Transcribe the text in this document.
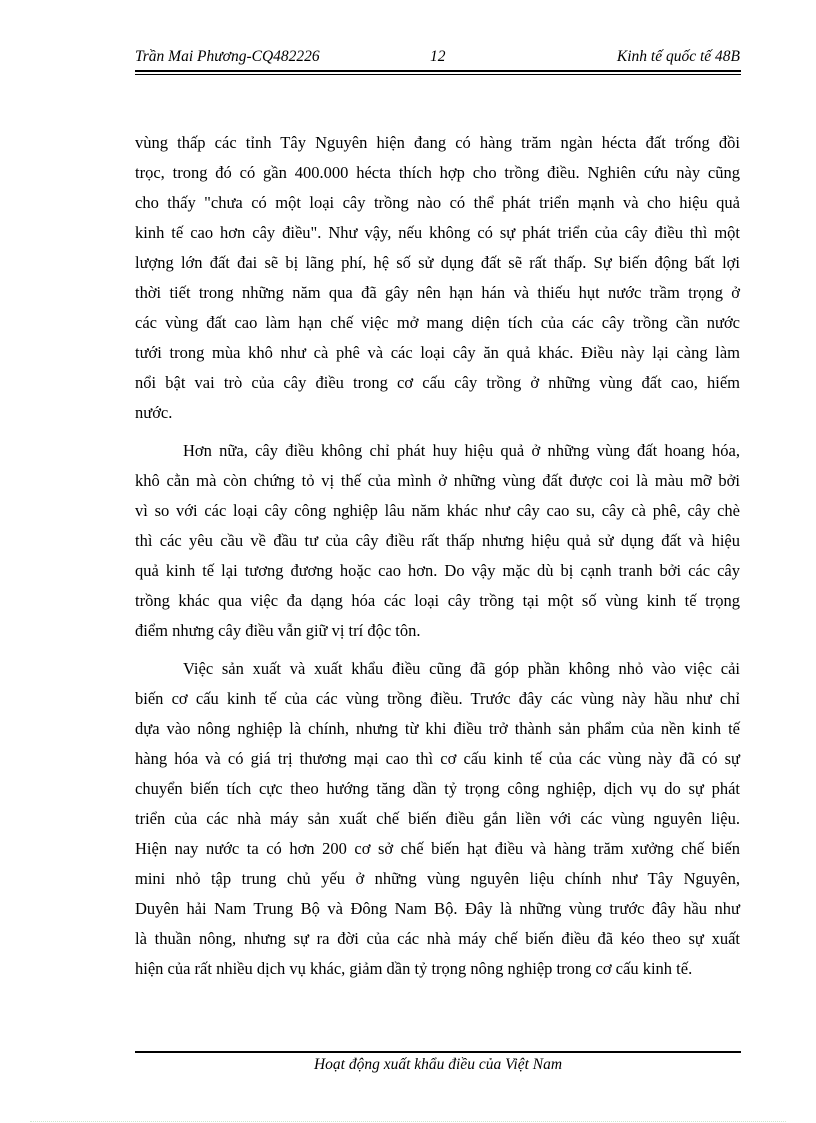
Trần Mai Phương-CQ482226	12	Kinh tế quốc tế 48B
vùng thấp các tỉnh Tây Nguyên hiện đang có hàng trăm ngàn hécta đất trống đồi
trọc, trong đó có gần 400.000 hécta thích hợp cho trồng điều. Nghiên cứu này cũng
cho thấy "chưa có một loại cây trồng nào có thể phát triển mạnh và cho hiệu quả
kinh tế cao hơn cây điều". Như vậy, nếu không có sự phát triển của cây điều thì một
lượng lớn đất đai sẽ bị lãng phí, hệ số sử dụng đất sẽ rất thấp. Sự biến động bất lợi
thời tiết trong những năm qua đã gây nên hạn hán và thiếu hụt nước trầm trọng ở
các vùng đất cao làm hạn chế việc mở mang diện tích của các cây trồng cần nước
tưới trong mùa khô như cà phê và các loại cây ăn quả khác. Điều này lại càng làm
nổi bật vai trò của cây điều trong cơ cấu cây trồng ở những vùng đất cao, hiếm
nước.
Hơn nữa, cây điều không chỉ phát huy hiệu quả ở những vùng đất hoang hóa,
khô cằn mà còn chứng tỏ vị thế của mình ở những vùng đất được coi là màu mỡ bởi
vì so với các loại cây công nghiệp lâu năm khác như cây cao su, cây cà phê, cây chè
thì các yêu cầu về đầu tư của cây điều rất thấp nhưng hiệu quả sử dụng đất và hiệu
quả kinh tế lại tương đương hoặc cao hơn. Do vậy mặc dù bị cạnh tranh bởi các cây
trồng khác qua việc đa dạng hóa các loại cây trồng tại một số vùng kinh tế trọng
điểm nhưng cây điều vẫn giữ vị trí độc tôn.
Việc sản xuất và xuất khẩu điều cũng đã góp phần không nhỏ vào việc cải
biến cơ cấu kinh tế của các vùng trồng điều. Trước đây các vùng này hầu như chỉ
dựa vào nông nghiệp là chính, nhưng từ khi điều trở thành sản phẩm của nền kinh tế
hàng hóa và có giá trị thương mại cao thì cơ cấu kinh tế của các vùng này đã có sự
chuyển biến tích cực theo hướng tăng dần tỷ trọng công nghiệp, dịch vụ do sự phát
triển của các nhà máy sản xuất chế biến điều gắn liền với các vùng nguyên liệu.
Hiện nay nước ta có hơn 200 cơ sở chế biến hạt điều và hàng trăm xưởng chế biến
mini nhỏ tập trung chủ yếu ở những vùng nguyên liệu chính như Tây Nguyên,
Duyên hải Nam Trung Bộ và Đông Nam Bộ. Đây là những vùng trước đây hầu như
là thuần nông, nhưng sự ra đời của các nhà máy chế biến điều đã kéo theo sự xuất
hiện của rất nhiều dịch vụ khác, giảm dần tỷ trọng nông nghiệp trong cơ cấu kinh tế.
Hoạt động xuất khẩu điều của Việt Nam
